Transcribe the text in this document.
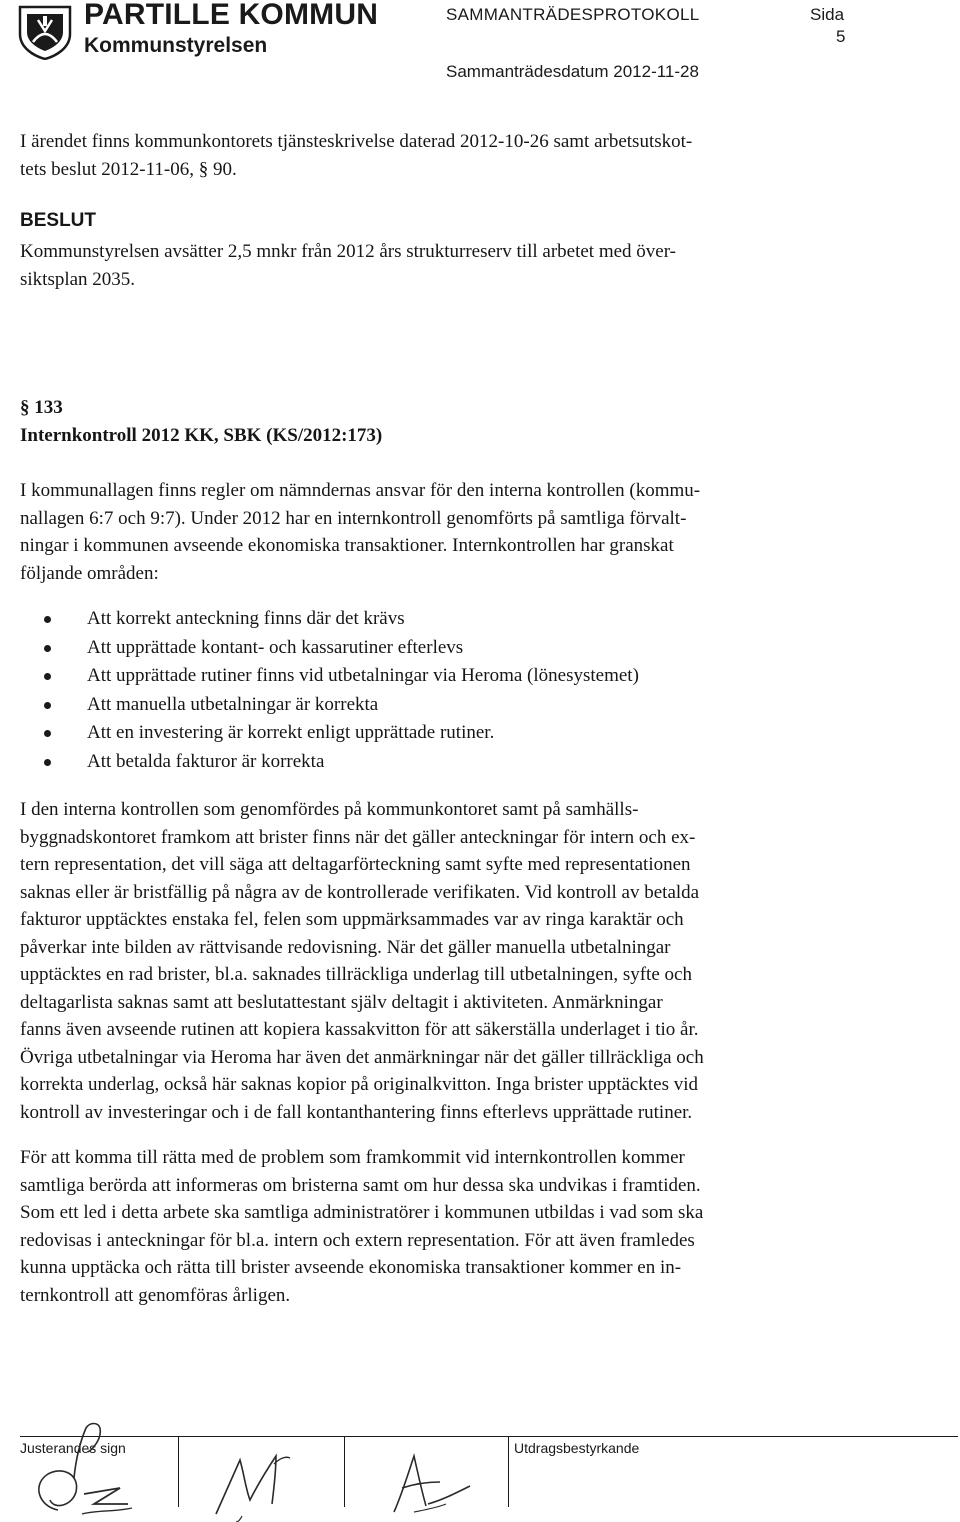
PARTILLE KOMMUN
Kommunstyrelsen
SAMMANTRÄDESPROTOKOLL	Sida
5
Sammanträdesdatum 2012-11-28

I ärendet finns kommunkontorets tjänsteskrivelse daterad 2012-10-26 samt arbetsutskot-
tets beslut 2012-11-06, § 90.

BESLUT

Kommunstyrelsen avsätter 2,5 mnkr från 2012 års strukturreserv till arbetet med över-
siktsplan 2035.

§ 133
Internkontroll 2012 KK, SBK (KS/2012:173)

I kommunallagen finns regler om nämndernas ansvar för den interna kontrollen (kommu-
nallagen 6:7 och 9:7). Under 2012 har en internkontroll genomförts på samtliga förvalt-
ningar i kommunen avseende ekonomiska transaktioner. Internkontrollen har granskat
följande områden:

Att korrekt anteckning finns där det krävs
Att upprättade kontant- och kassarutiner efterlevs
Att upprättade rutiner finns vid utbetalningar via Heroma (lönesystemet)
Att manuella utbetalningar är korrekta
Att en investering är korrekt enligt upprättade rutiner.
Att betalda fakturor är korrekta

I den interna kontrollen som genomfördes på kommunkontoret samt på samhälls-
byggnadskontoret framkom att brister finns när det gäller anteckningar för intern och ex-
tern representation, det vill säga att deltagarförteckning samt syfte med representationen
saknas eller är bristfällig på några av de kontrollerade verifikaten. Vid kontroll av betalda
fakturor upptäcktes enstaka fel, felen som uppmärksammades var av ringa karaktär och
påverkar inte bilden av rättvisande redovisning. När det gäller manuella utbetalningar
upptäcktes en rad brister, bl.a. saknades tillräckliga underlag till utbetalningen, syfte och
deltagarlista saknas samt att beslutattestant själv deltagit i aktiviteten. Anmärkningar
fanns även avseende rutinen att kopiera kassakvitton för att säkerställa underlaget i tio år.
Övriga utbetalningar via Heroma har även det anmärkningar när det gäller tillräckliga och
korrekta underlag, också här saknas kopior på originalkvitton. Inga brister upptäcktes vid
kontroll av investeringar och i de fall kontanthantering finns efterlevs upprättade rutiner.

För att komma till rätta med de problem som framkommit vid internkontrollen kommer
samtliga berörda att informeras om bristerna samt om hur dessa ska undvikas i framtiden.
Som ett led i detta arbete ska samtliga administratörer i kommunen utbildas i vad som ska
redovisas i anteckningar för bl.a. intern och extern representation. För att även framledes
kunna upptäcka och rätta till brister avseende ekonomiska transaktioner kommer en in-
ternkontroll att genomföras årligen.

Justerandes sign	Utdragsbestyrkande
